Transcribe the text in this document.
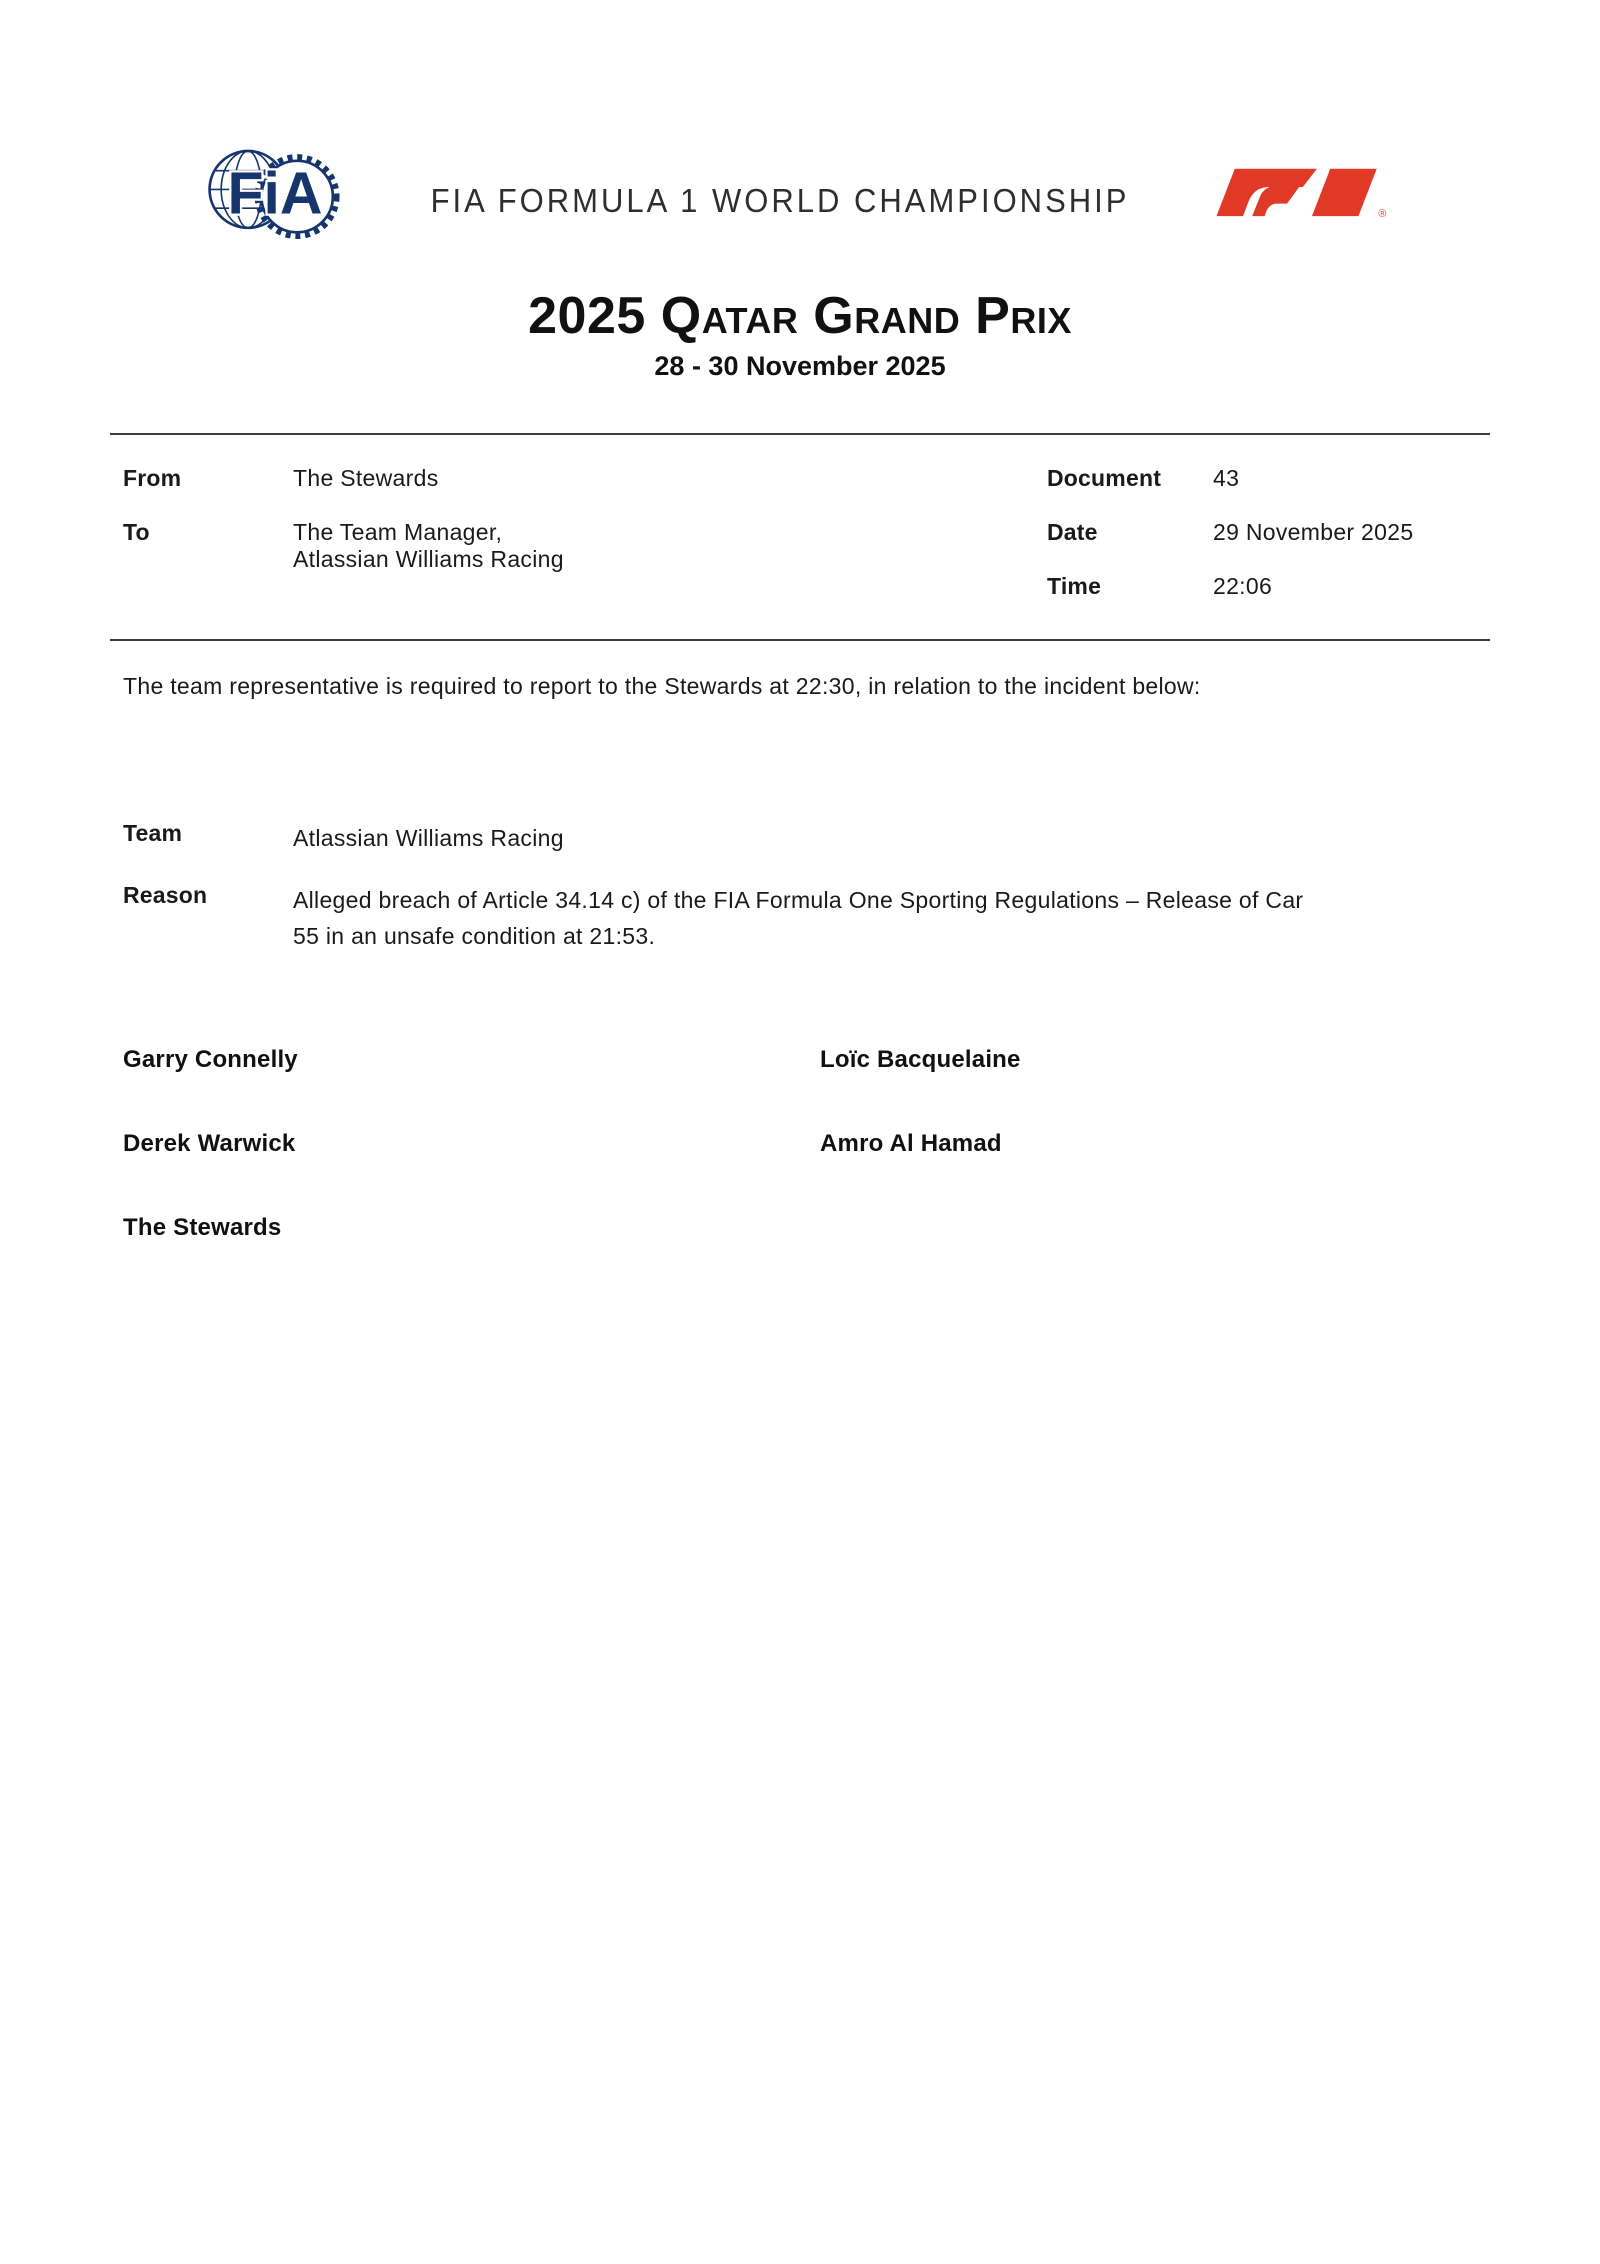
FiA	FIA FORMULA 1 WORLD CHAMPIONSHIP	®
2025 Qatar Grand Prix
28 - 30 November 2025
From	The Stewards	Document	43
To	The Team Manager,
Atlassian Williams Racing
Date	29 November 2025
Time	22:06

The team representative is required to report to the Stewards at 22:30, in relation to the incident below:

Team	Atlassian Williams Racing
Reason	Alleged breach of Article 34.14 c) of the FIA Formula One Sporting Regulations – Release of Car 55 in an unsafe condition at 21:53.
Garry Connelly	Loïc Bacquelaine
Derek Warwick	Amro Al Hamad
The Stewards
